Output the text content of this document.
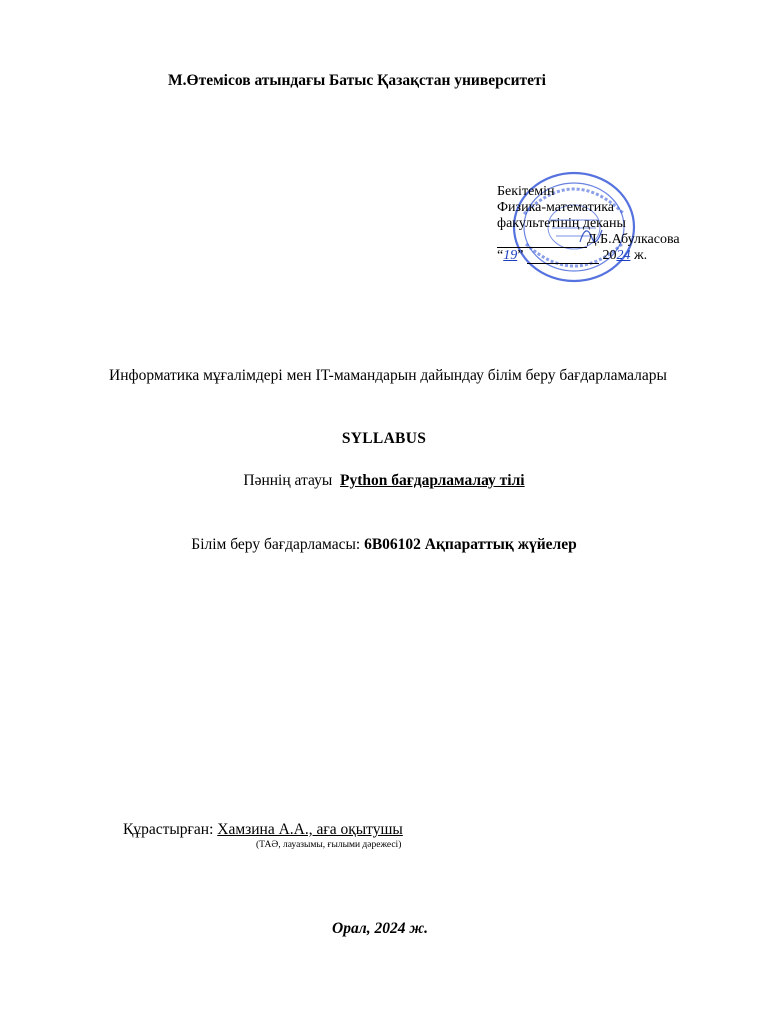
М.Өтемісов атындағы Батыс Қазақстан университеті
Бекітемін
Физика-математика
факультетінің деканы
Д.Б.Абулкасова
“19”	2024 ж.
Информатика мұғалімдері мен IT-мамандарын дайындау білім беру бағдарламалары
SYLLABUS
Пәннің атауы Python бағдарламалау тілі
Білім беру бағдарламасы: 6В06102 Ақпараттық жүйелер
Құрастырған: Хамзина А.А., аға оқытушы
(ТАӘ, лауазымы, ғылыми дәрежесі)
Орал, 2024 ж.
